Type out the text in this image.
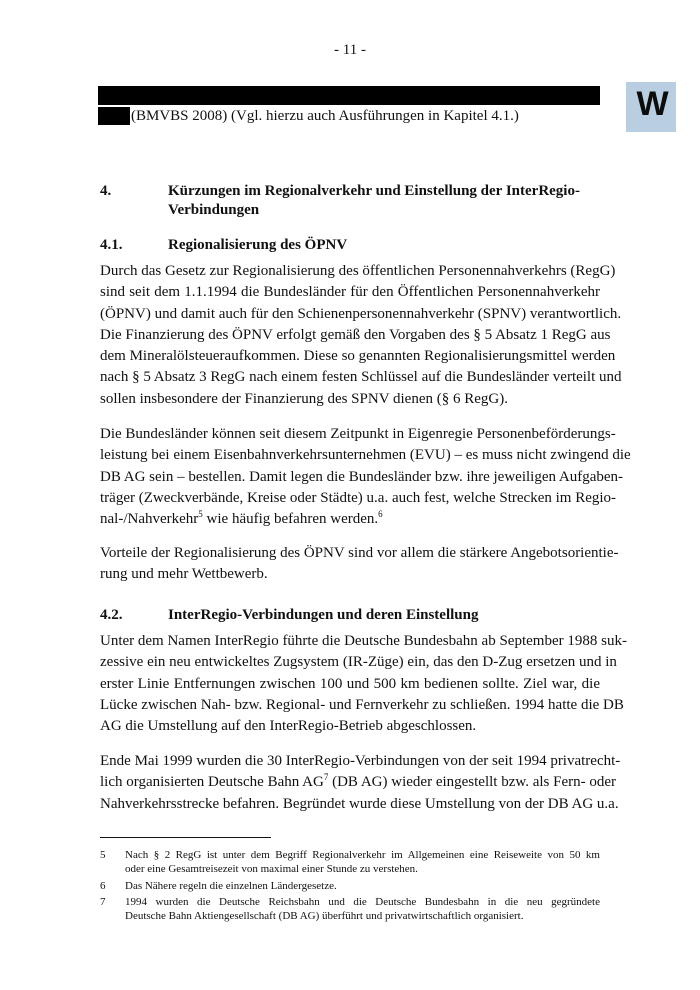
- 11 -
(BMVBS 2008) (Vgl. hierzu auch Ausführungen in Kapitel 4.1.)	W
4.	Kürzungen im Regionalverkehr und Einstellung der InterRegio-
Verbindungen
4.1.	Regionalisierung des ÖPNV
Durch das Gesetz zur Regionalisierung des öffentlichen Personennahverkehrs (RegG)
sind seit dem 1.1.1994 die Bundesländer für den Öffentlichen Personennahverkehr
(ÖPNV) und damit auch für den Schienenpersonennahverkehr (SPNV) verantwortlich.
Die Finanzierung des ÖPNV erfolgt gemäß den Vorgaben des § 5 Absatz 1 RegG aus
dem Mineralölsteueraufkommen. Diese so genannten Regionalisierungsmittel werden
nach § 5 Absatz 3 RegG nach einem festen Schlüssel auf die Bundesländer verteilt und
sollen insbesondere der Finanzierung des SPNV dienen (§ 6 RegG).
Die Bundesländer können seit diesem Zeitpunkt in Eigenregie Personenbeförderungs-
leistung bei einem Eisenbahnverkehrsunternehmen (EVU) – es muss nicht zwingend die
DB AG sein – bestellen. Damit legen die Bundesländer bzw. ihre jeweiligen Aufgaben-
träger (Zweckverbände, Kreise oder Städte) u.a. auch fest, welche Strecken im Regio-
nal-/Nahverkehr$^5$ wie häufig befahren werden.$^6$
Vorteile der Regionalisierung des ÖPNV sind vor allem die stärkere Angebotsorientie-
rung und mehr Wettbewerb.
4.2.	InterRegio-Verbindungen und deren Einstellung
Unter dem Namen InterRegio führte die Deutsche Bundesbahn ab September 1988 suk-
zessive ein neu entwickeltes Zugsystem (IR-Züge) ein, das den D-Zug ersetzen und in
erster Linie Entfernungen zwischen 100 und 500 km bedienen sollte. Ziel war, die
Lücke zwischen Nah- bzw. Regional- und Fernverkehr zu schließen. 1994 hatte die DB
AG die Umstellung auf den InterRegio-Betrieb abgeschlossen.
Ende Mai 1999 wurden die 30 InterRegio-Verbindungen von der seit 1994 privatrecht-
lich organisierten Deutsche Bahn $AG^7$ (DB AG) wieder eingestellt bzw. als Fern- oder
Nahverkehrsstrecke befahren. Begründet wurde diese Umstellung von der DB AG u.a.
5 Nach § 2 RegG ist unter dem Begriff Regionalverkehr im Allgemeinen eine Reiseweite von 50 km
oder eine Gesamtreisezeit von maximal einer Stunde zu verstehen.
6 Das Nähere regeln die einzelnen Ländergesetze.
7 1994 wurden die Deutsche Reichsbahn und die Deutsche Bundesbahn in die neu gegründete
Deutsche Bahn Aktiengesellschaft (DB AG) überführt und privatwirtschaftlich organisiert.
